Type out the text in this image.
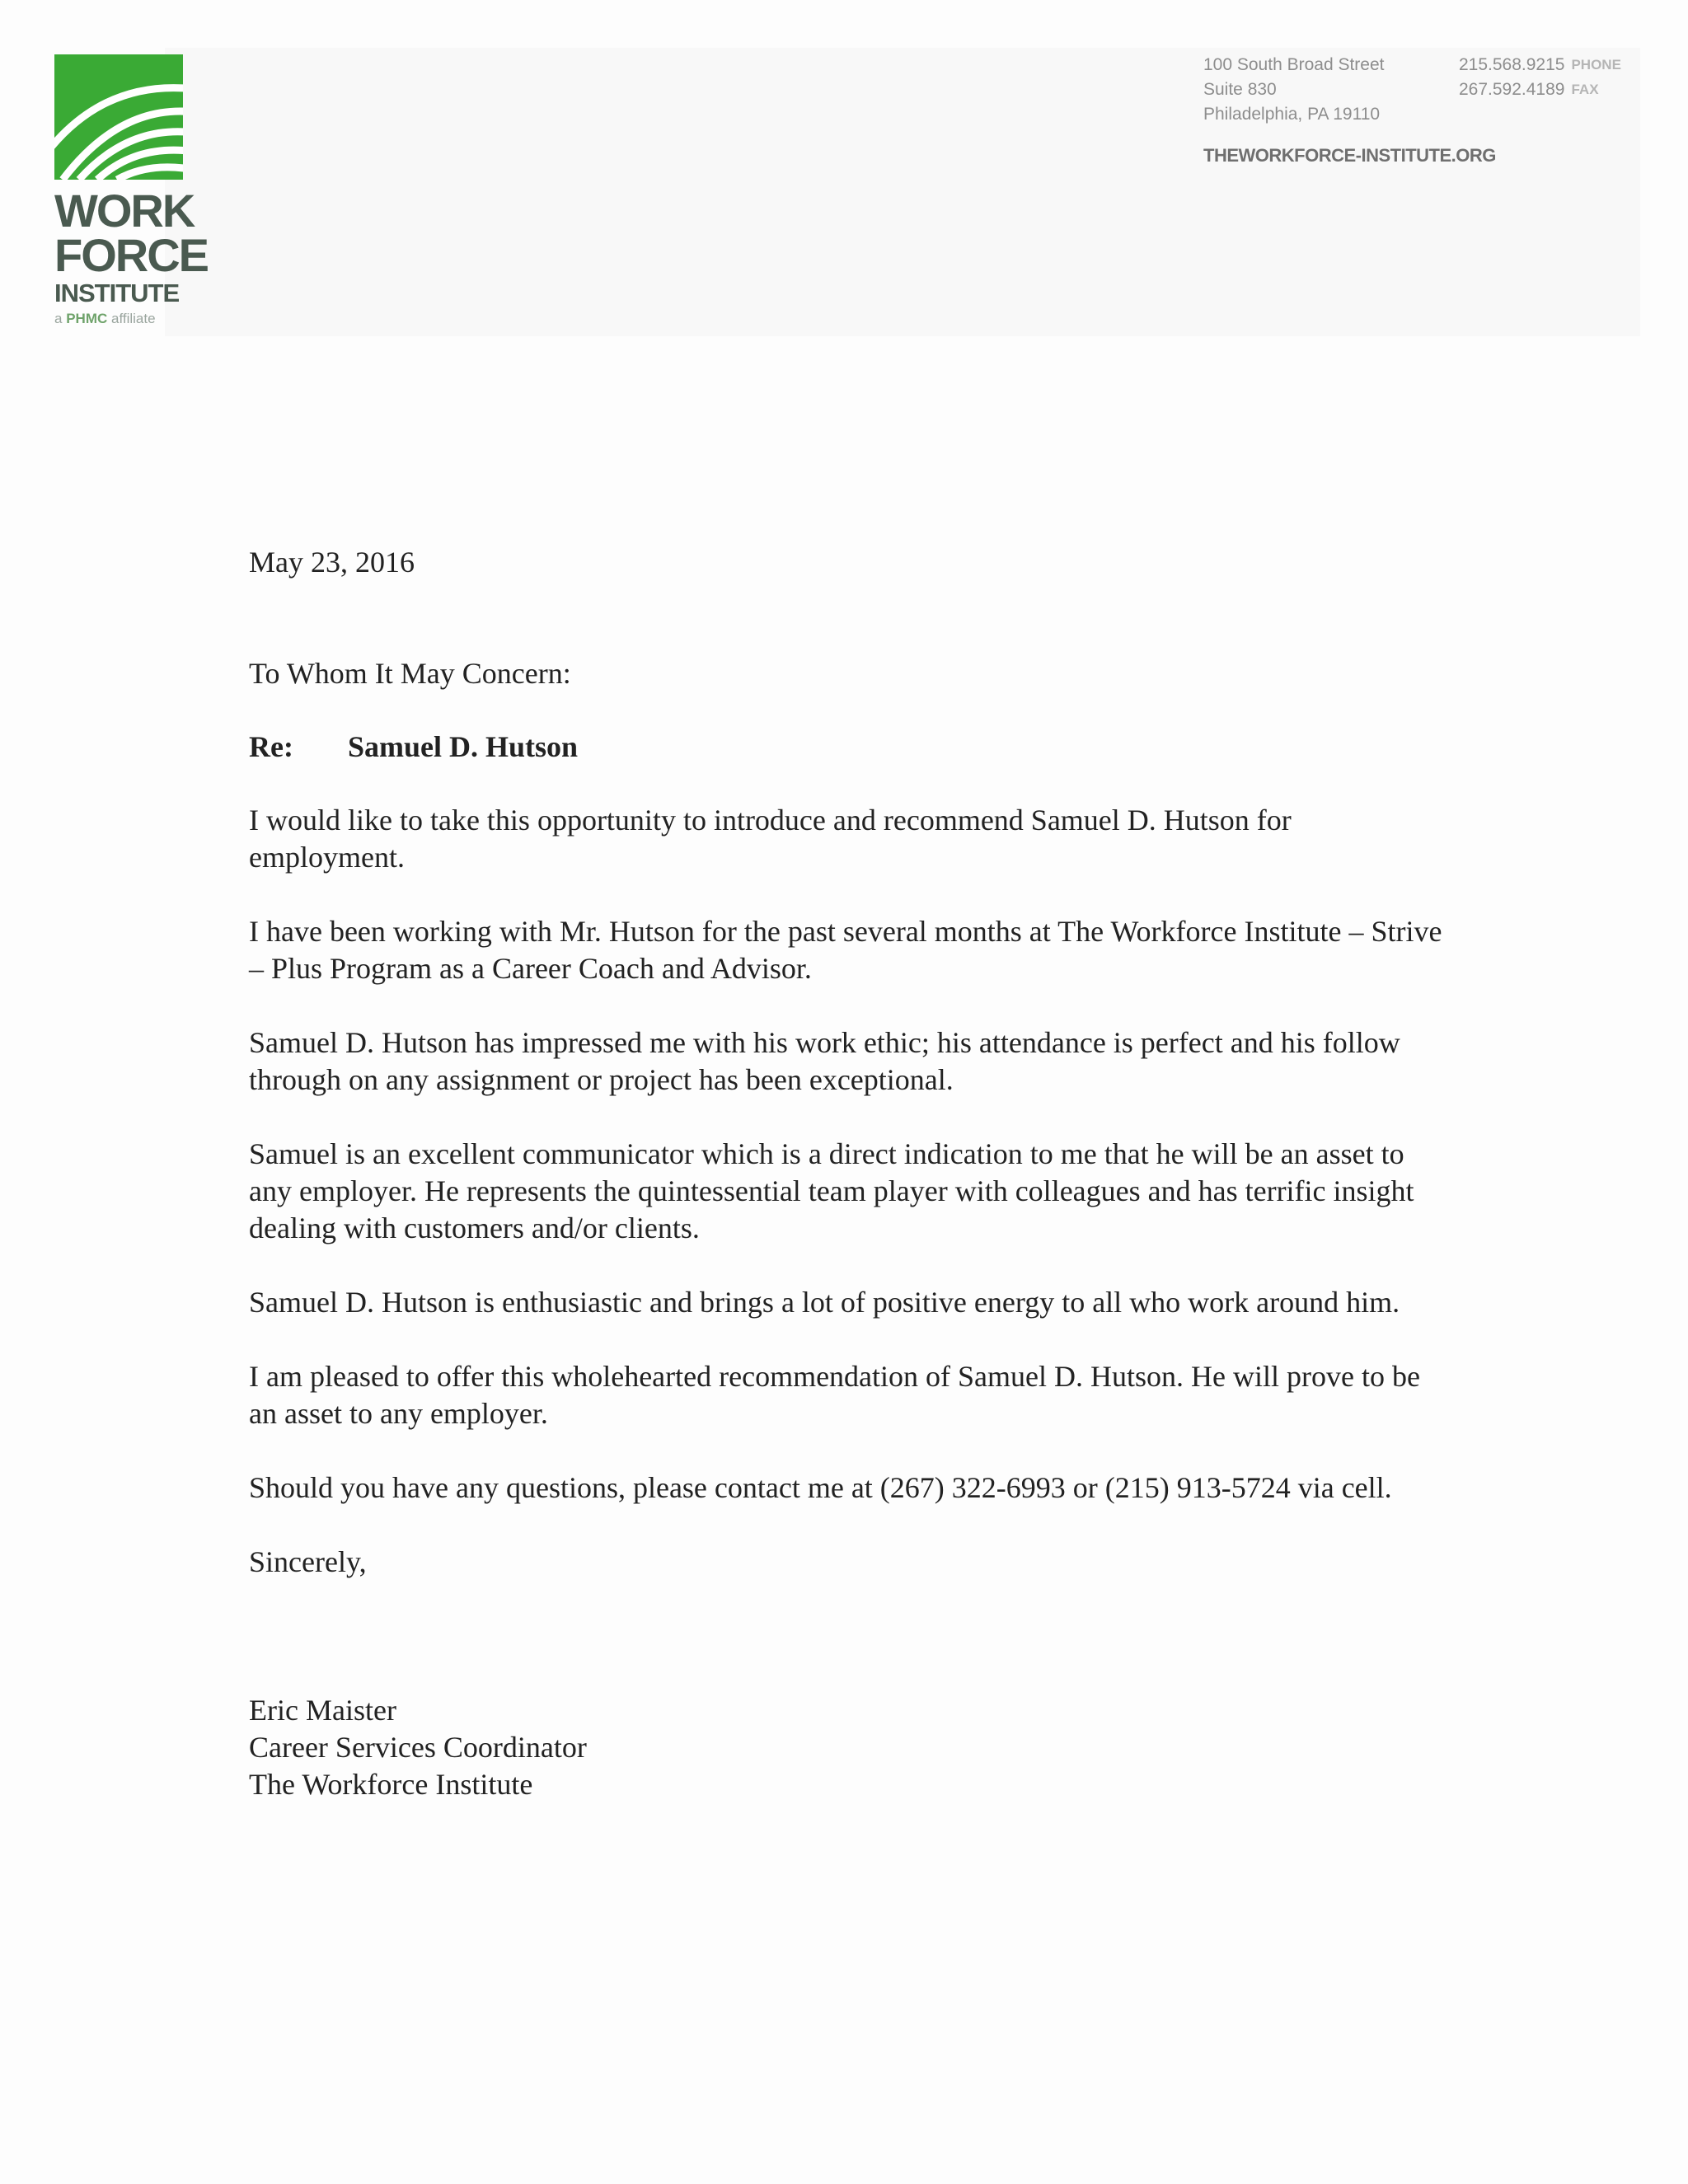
WORK
FORCE
INSTITUTE
a PHMC affiliate
100 South Broad Street	215.568.9215 PHONE
Suite 830	267.592.4189 FAX
Philadelphia, PA 19110
THEWORKFORCE-INSTITUTE.ORG

May 23, 2016

To Whom It May Concern:

Re: Samuel D. Hutson

I would like to take this opportunity to introduce and recommend Samuel D. Hutson for employment.

I have been working with Mr. Hutson for the past several months at The Workforce Institute – Strive – Plus Program as a Career Coach and Advisor.

Samuel D. Hutson has impressed me with his work ethic; his attendance is perfect and his follow through on any assignment or project has been exceptional.

Samuel is an excellent communicator which is a direct indication to me that he will be an asset to any employer. He represents the quintessential team player with colleagues and has terrific insight dealing with customers and/or clients.

Samuel D. Hutson is enthusiastic and brings a lot of positive energy to all who work around him.

I am pleased to offer this wholehearted recommendation of Samuel D. Hutson. He will prove to be an asset to any employer.

Should you have any questions, please contact me at (267) 322-6993 or (215) 913-5724 via cell.

Sincerely,

Eric Maister

Career Services Coordinator

The Workforce Institute
